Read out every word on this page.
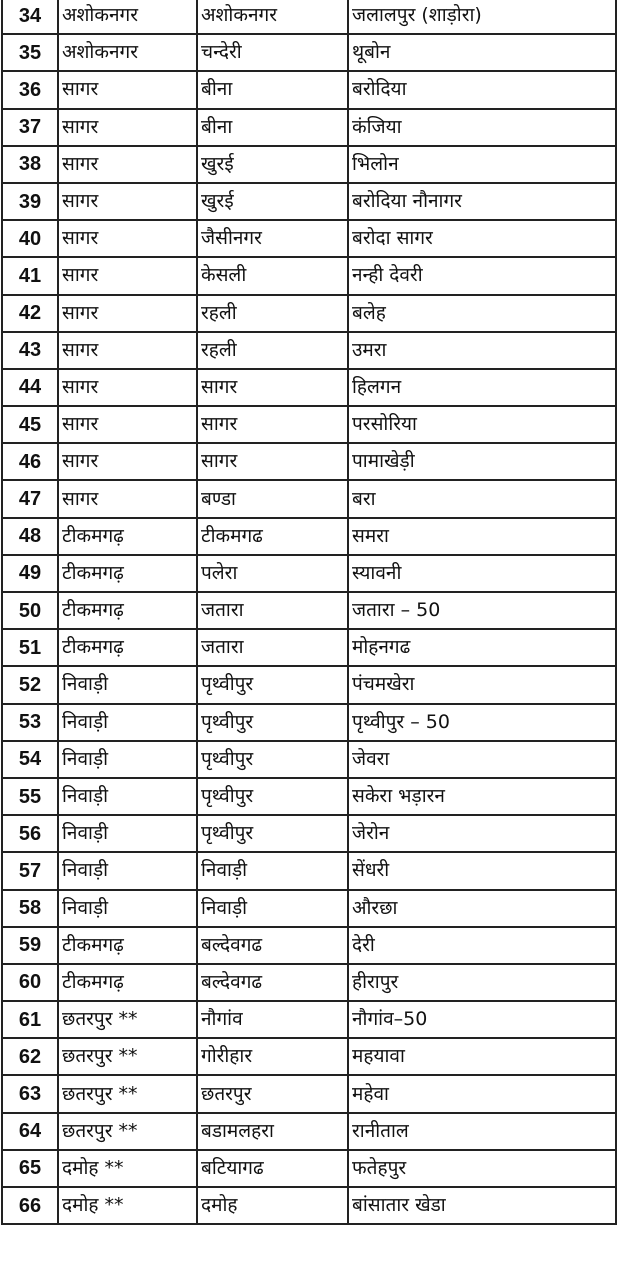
34	अशोकनगर	अशोकनगर	जलालपुर (शाड़ोरा)
35	अशोकनगर	चन्देरी	थूबोन
36	सागर	बीना	बरोदिया
37	सागर	बीना	कंजिया
38	सागर	खुरई	भिलोन
39	सागर	खुरई	बरोदिया नौनागर
40	सागर	जैसीनगर	बरोदा सागर
41	सागर	केसली	नन्ही देवरी
42	सागर	रहली	बलेह
43	सागर	रहली	उमरा
44	सागर	सागर	हिलगन
45	सागर	सागर	परसोरिया
46	सागर	सागर	पामाखेड़ी
47	सागर	बण्डा	बरा
48	टीकमगढ़	टीकमगढ	समरा
49	टीकमगढ़	पलेरा	स्यावनी
50	टीकमगढ़	जतारा	जतारा – 50
51	टीकमगढ़	जतारा	मोहनगढ
52	निवाड़ी	पृथ्वीपुर	पंचमखेरा
53	निवाड़ी	पृथ्वीपुर	पृथ्वीपुर – 50
54	निवाड़ी	पृथ्वीपुर	जेवरा
55	निवाड़ी	पृथ्वीपुर	सकेरा भड़ारन
56	निवाड़ी	पृथ्वीपुर	जेरोन
57	निवाड़ी	निवाड़ी	सेंधरी
58	निवाड़ी	निवाड़ी	औरछा
59	टीकमगढ़	बल्देवगढ	देरी
60	टीकमगढ़	बल्देवगढ	हीरापुर
61	छतरपुर **	नौगांव	नौगांव–50
62	छतरपुर **	गोरीहार	महयावा
63	छतरपुर **	छतरपुर	महेवा
64	छतरपुर **	बडामलहरा	रानीताल
65	दमोह **	बटियागढ	फतेहपुर
66	दमोह **	दमोह	बांसातार खेडा
